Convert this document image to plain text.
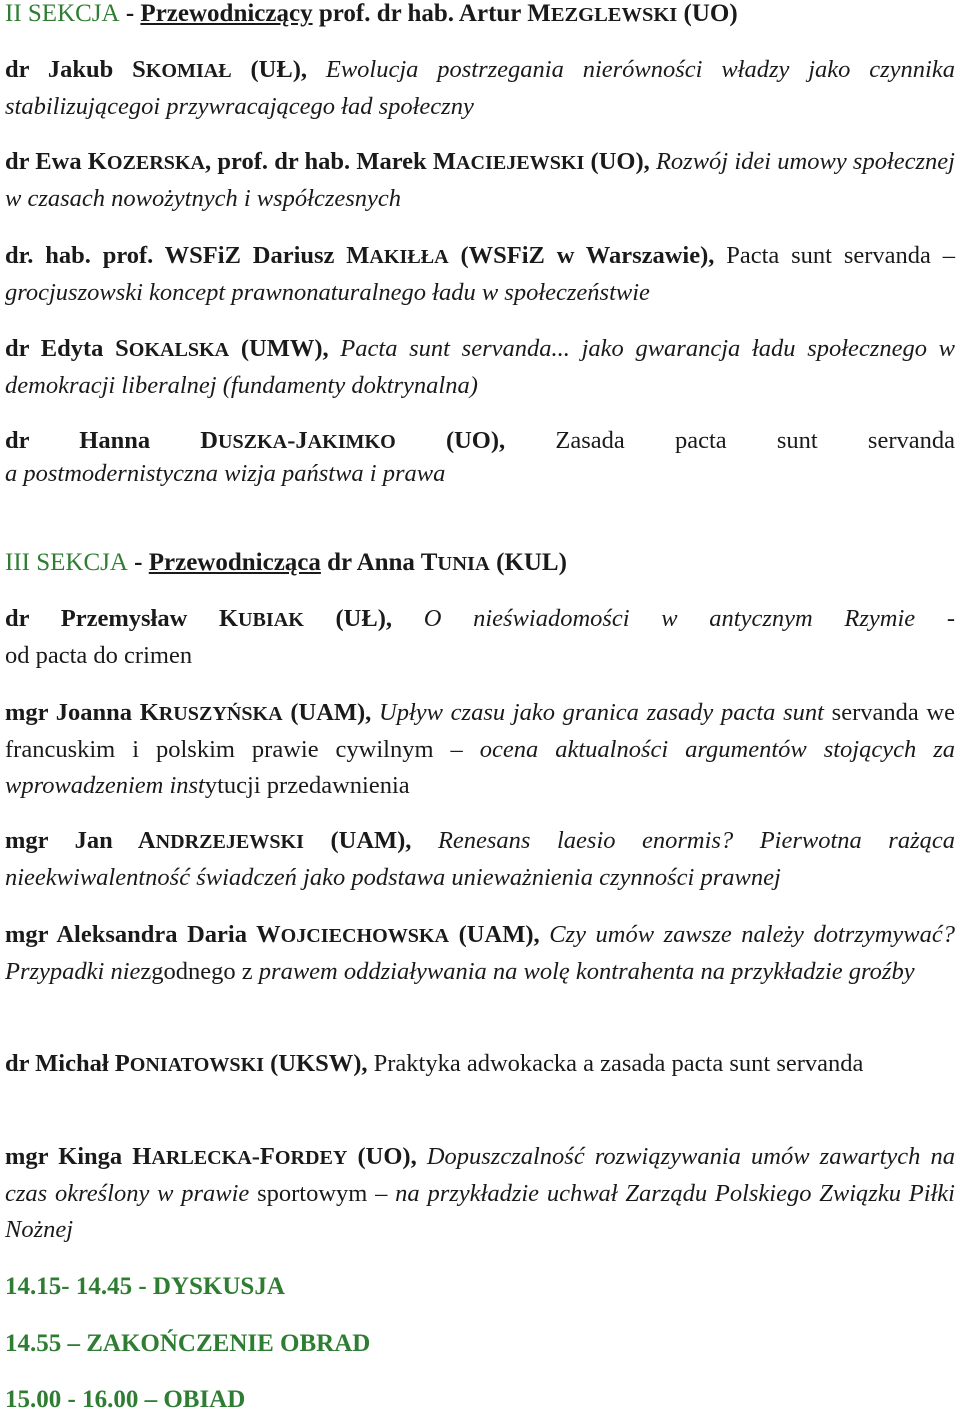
II SEKCJA - Przewodniczący prof. dr hab. Artur MEZGLEWSKI (UO)
dr Jakub SKOMIAŁ (UŁ), Ewolucja postrzegania nierówności władzy jako czynnika stabilizującegoi przywracającego ład społeczny
dr Ewa KOZERSKA, prof. dr hab. Marek MACIEJEWSKI (UO), Rozwój idei umowy społecznej w czasach nowożytnych i współczesnych
dr. hab. prof. WSFiZ Dariusz MAKIŁŁA (WSFiZ w Warszawie), Pacta sunt servanda – grocjuszowski koncept prawnonaturalnego ładu w społeczeństwie
dr Edyta SOKALSKA (UMW), Pacta sunt servanda... jako gwarancja ładu społecznego w demokracji liberalnej (fundamenty doktrynalna)
dr Hanna DUSZKA-JAKIMKO (UO), Zasada pacta sunt servanda
a postmodernistyczna wizja państwa i prawa
III SEKCJA - Przewodnicząca dr Anna TUNIA (KUL)
dr Przemysław KUBIAK (UŁ), O nieświadomości w antycznym Rzymie -
od pacta do crimen
mgr Joanna KRUSZYŃSKA (UAM), Upływ czasu jako granica zasady pacta sunt servanda we francuskim i polskim prawie cywilnym – ocena aktualności argumentów stojących za wprowadzeniem instytucji przedawnienia
mgr Jan ANDRZEJEWSKI (UAM), Renesans laesio enormis? Pierwotna rażąca nieekwiwalentność świadczeń jako podstawa unieważnienia czynności prawnej
mgr Aleksandra Daria WOJCIECHOWSKA (UAM), Czy umów zawsze należy dotrzymywać? Przypadki niezgodnego z prawem oddziaływania na wolę kontrahenta na przykładzie groźby
dr Michał PONIATOWSKI (UKSW), Praktyka adwokacka a zasada pacta sunt servanda
mgr Kinga HARLECKA-FORDEY (UO), Dopuszczalność rozwiązywania umów zawartych na czas określony w prawie sportowym – na przykładzie uchwał Zarządu Polskiego Związku Piłki Nożnej
14.15- 14.45 - DYSKUSJA
14.55 – ZAKOŃCZENIE OBRAD
15.00 - 16.00 – OBIAD
